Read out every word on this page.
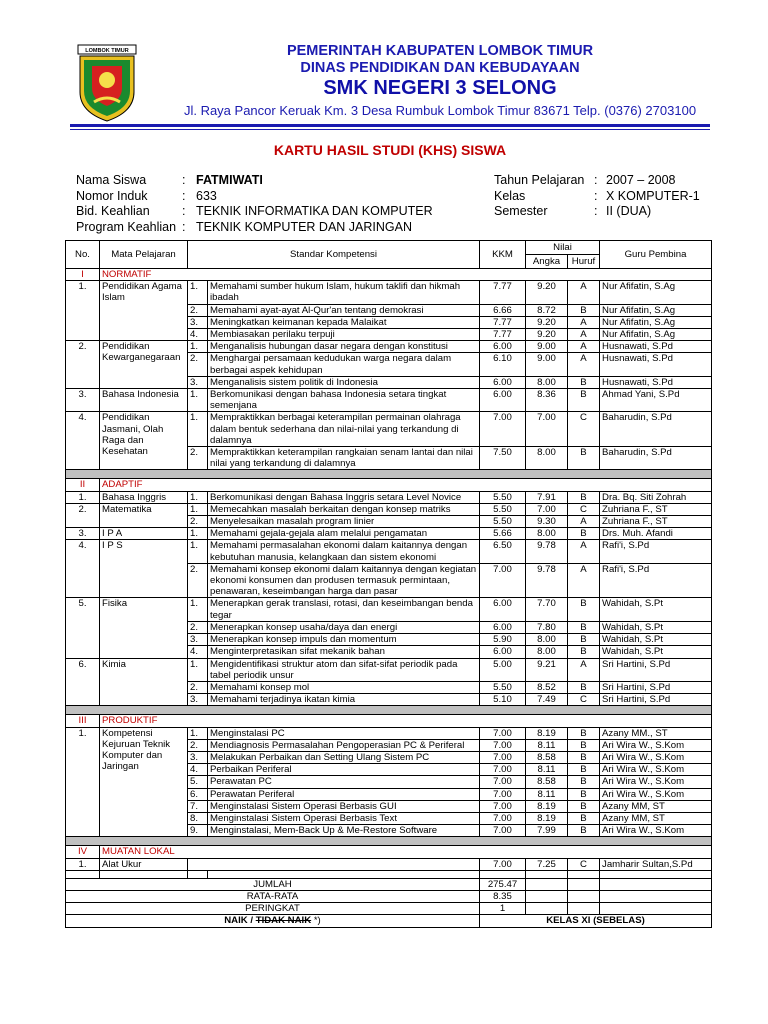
LOMBOK TIMUR	PEMERINTAH KABUPATEN LOMBOK TIMUR
DINAS PENDIDIKAN DAN KEBUDAYAAN
SMK NEGERI 3 SELONG
Jl. Raya Pancor Keruak Km. 3 Desa Rumbuk Lombok Timur 83671 Telp. (0376) 2703100
KARTU HASIL STUDI (KHS) SISWA
Nama Siswa	: FATMIWATI
Nomor Induk	: 633
Bid. Keahlian	: TEKNIK INFORMATIKA DAN KOMPUTER
Program Keahlian : TEKNIK KOMPUTER DAN JARINGAN
Tahun Pelajaran : 2007 – 2008
Kelas	: X KOMPUTER-1
Semester	: II (DUA)
No.	Mata Pelajaran	Standar Kompetensi		KKM	Nilai		Guru Pembina
					Angka	Huruf	
I	NORMATIF						
1.	Pendidikan Agama Islam	1.	Memahami sumber hukum Islam, hukum taklifi dan hikmah ibadah	7.77	9.20	A	Nur Afifatin, S.Ag
		2.	Memahami ayat-ayat Al-Qur'an tentang demokrasi	6.66	8.72	B	Nur Afifatin, S.Ag
		3.	Meningkatkan keimanan kepada Malaikat	7.77	9.20	A	Nur Afifatin, S.Ag
		4.	Membiasakan perilaku terpuji	7.77	9.20	A	Nur Afifatin, S.Ag
2.	Pendidikan Kewarganegaraan	1.	Menganalisis hubungan dasar negara dengan konstitusi	6.00	9.00	A	Husnawati, S.Pd
		2.	Menghargai persamaan kedudukan warga negara dalam berbagai aspek kehidupan	6.10	9.00	A	Husnawati, S.Pd
		3.	Menganalisis sistem politik di Indonesia	6.00	8.00	B	Husnawati, S.Pd
3.	Bahasa Indonesia	1.	Berkomunikasi dengan bahasa Indonesia setara tingkat semenjana	6.00	8.36	B	Ahmad Yani, S.Pd
4.	Pendidikan Jasmani, Olah Raga dan Kesehatan	1.	Mempraktikkan berbagai keterampilan permainan olahraga dalam bentuk sederhana dan nilai-nilai yang terkandung di dalamnya	7.00	7.00	C	Baharudin, S.Pd
		2.	Mempraktikkan keterampilan rangkaian senam lantai dan nilai nilai yang terkandung di dalamnya	7.50	8.00	B	Baharudin, S.Pd

II	ADAPTIF						
1.	Bahasa Inggris	1.	Berkomunikasi dengan Bahasa Inggris setara Level Novice	5.50	7.91	B	Dra. Bq. Siti Zohrah
2.	Matematika	1.	Memecahkan masalah berkaitan dengan konsep matriks	5.50	7.00	C	Zuhriana F., ST
		2.	Menyelesaikan masalah program linier	5.50	9.30	A	Zuhriana F., ST
3.	I P A	1.	Memahami gejala-gejala alam melalui pengamatan	5.66	8.00	B	Drs. Muh. Afandi
4.	I P S	1.	Memahami permasalahan ekonomi dalam kaitannya dengan kebutuhan manusia, kelangkaan dan sistem ekonomi	6.50	9.78	A	Rafi'i, S.Pd
		2.	Memahami konsep ekonomi dalam kaitannya dengan kegiatan ekonomi konsumen dan produsen termasuk permintaan, penawaran, keseimbangan harga dan pasar	7.00	9.78	A	Rafi'i, S.Pd
5.	Fisika	1.	Menerapkan gerak translasi, rotasi, dan keseimbangan benda tegar	6.00	7.70	B	Wahidah, S.Pt
		2.	Menerapkan konsep usaha/daya dan energi	6.00	7.80	B	Wahidah, S.Pt
		3.	Menerapkan konsep impuls dan momentum	5.90	8.00	B	Wahidah, S.Pt
		4.	Menginterpretasikan sifat mekanik bahan	6.00	8.00	B	Wahidah, S.Pt
6.	Kimia	1.	Mengidentifikasi struktur atom dan sifat-sifat periodik pada tabel periodik unsur	5.00	9.21	A	Sri Hartini, S.Pd
		2.	Memahami konsep mol	5.50	8.52	B	Sri Hartini, S.Pd
		3.	Memahami terjadinya ikatan kimia	5.10	7.49	C	Sri Hartini, S.Pd

III	PRODUKTIF						
1.	Kompetensi Kejuruan Teknik Komputer dan Jaringan	1.	Menginstalasi PC	7.00	8.19	B	Azany MM., ST
		2.	Mendiagnosis Permasalahan Pengoperasian PC & Periferal	7.00	8.11	B	Ari Wira W., S.Kom
		3.	Melakukan Perbaikan dan Setting Ulang Sistem PC	7.00	8.58	B	Ari Wira W., S.Kom
		4.	Perbaikan Periferal	7.00	8.11	B	Ari Wira W., S.Kom
		5.	Perawatan PC	7.00	8.58	B	Ari Wira W., S.Kom
		6.	Perawatan Periferal	7.00	8.11	B	Ari Wira W., S.Kom
		7.	Menginstalasi Sistem Operasi Berbasis GUI	7.00	8.19	B	Azany MM, ST
		8.	Menginstalasi Sistem Operasi Berbasis Text	7.00	8.19	B	Azany MM, ST
		9.	Menginstalasi, Mem-Back Up & Me-Restore Software	7.00	7.99	B	Ari Wira W., S.Kom

IV	MUATAN LOKAL						
1.	Alat Ukur			7.00	7.25	C	Jamharir Sultan,S.Pd

JUMLAH				275.47			
RATA-RATA				8.35			
PERINGKAT				1			
NAIK / TIDAK NAIK *)				KELAS XI (SEBELAS)			
